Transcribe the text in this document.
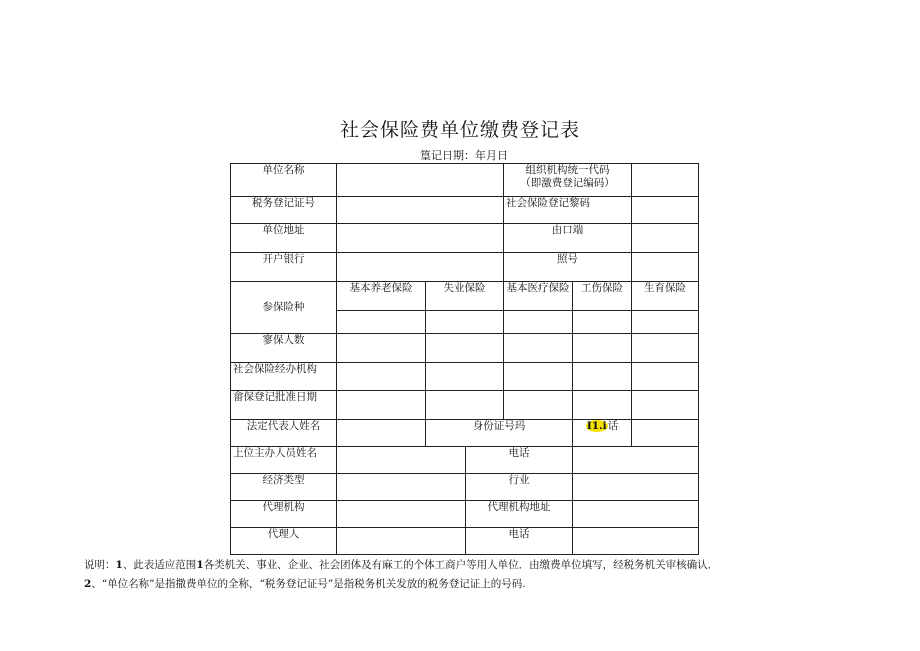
社会保险费单位缴费登记表
篁记日期：年月日
单位名称				组织机构统一代码
（即激费登记编码）		

税务登记证号				社会保险登记黎码		
单位地址				由口端		
开户银行				照号		
参保险种	基本养老保险	失业保险		基本医疗保险	工伤保险	生育保险

寥保人数						
社会保险经办机构						
畲保登记批准日期						
法定代表人姓名		身份证号玛			I1.i话	
上位主办人员姓名			电话			
经济类型			行业			
代理机构			代理机构地址			
代理人			电话			
说明：1、此表适应范围1各类机关、事业、企业、社会团体及有麻工的个体工商户等用人单位．由缴费单位填写，经税务机关审核确认．
2、“单位名称”是指撒费单位的全称，“税务登记证号”是指税务机关发放的税务登记证上的号码.
